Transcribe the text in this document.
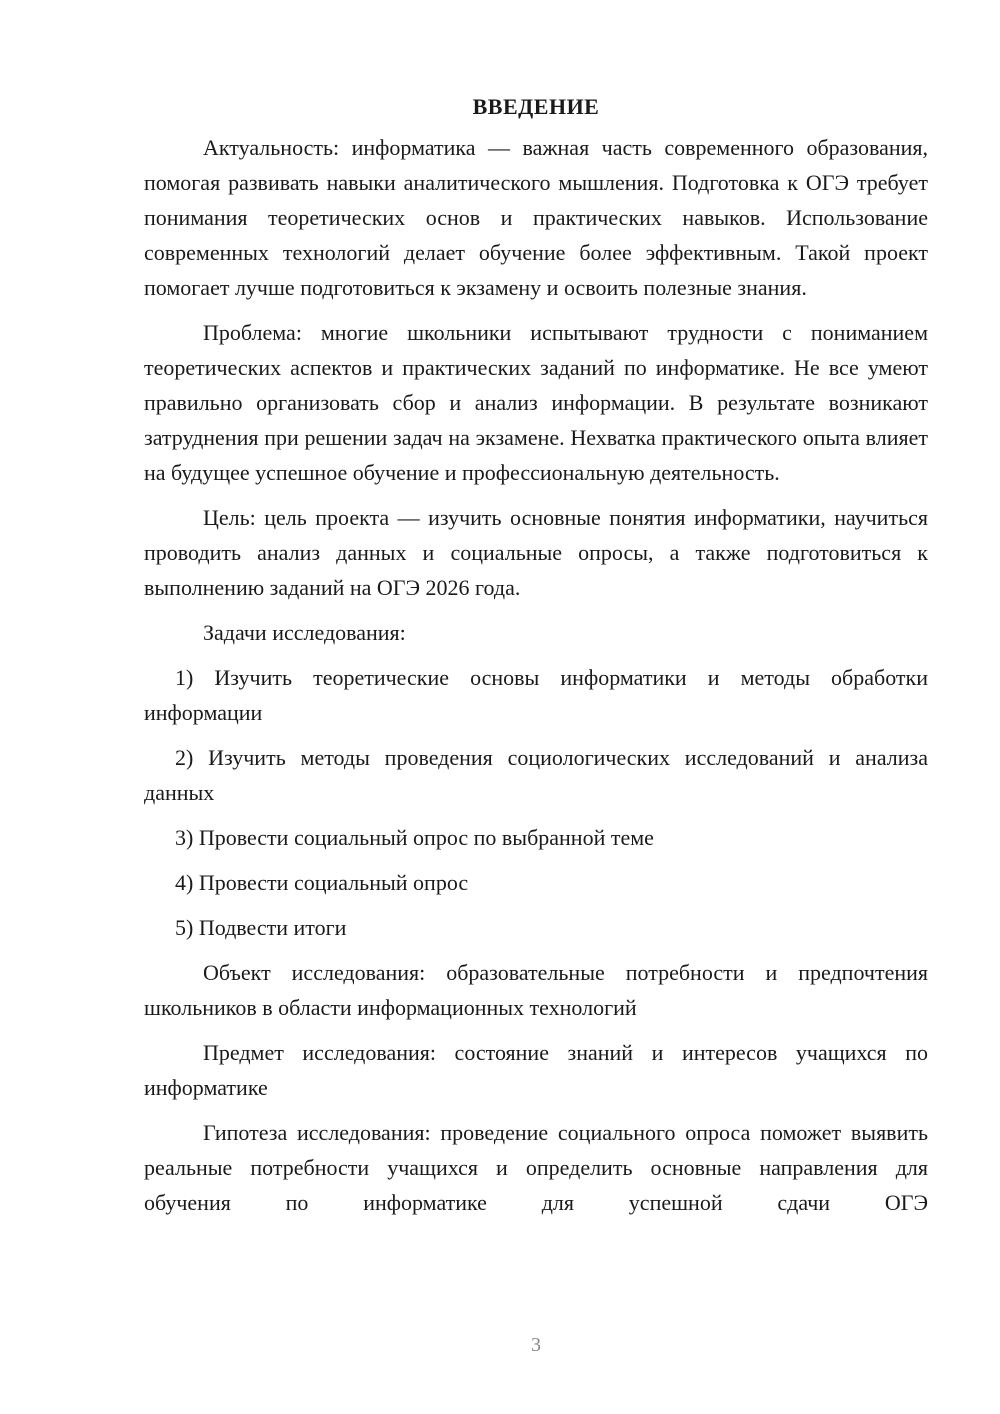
ВВЕДЕНИЕ

Актуальность: информатика — важная часть современного образования, помогая развивать навыки аналитического мышления. Подготовка к ОГЭ требует понимания теоретических основ и практических навыков. Использование современных технологий делает обучение более эффективным. Такой проект помогает лучше подготовиться к экзамену и освоить полезные знания.

Проблема: многие школьники испытывают трудности с пониманием теоретических аспектов и практических заданий по информатике. Не все умеют правильно организовать сбор и анализ информации. В результате возникают затруднения при решении задач на экзамене. Нехватка практического опыта влияет на будущее успешное обучение и профессиональную деятельность.

Цель: цель проекта — изучить основные понятия информатики, научиться проводить анализ данных и социальные опросы, а также подготовиться к выполнению заданий на ОГЭ 2026 года.

Задачи исследования:

1) Изучить теоретические основы информатики и методы обработки информации

2) Изучить методы проведения социологических исследований и анализа данных

3) Провести социальный опрос по выбранной теме

4) Провести социальный опрос

5) Подвести итоги

Объект исследования: образовательные потребности и предпочтения школьников в области информационных технологий

Предмет исследования: состояние знаний и интересов учащихся по информатике

Гипотеза исследования: проведение социального опроса поможет выявить реальные потребности учащихся и определить основные направления для обучения по информатике для успешной сдачи ОГЭ

3
